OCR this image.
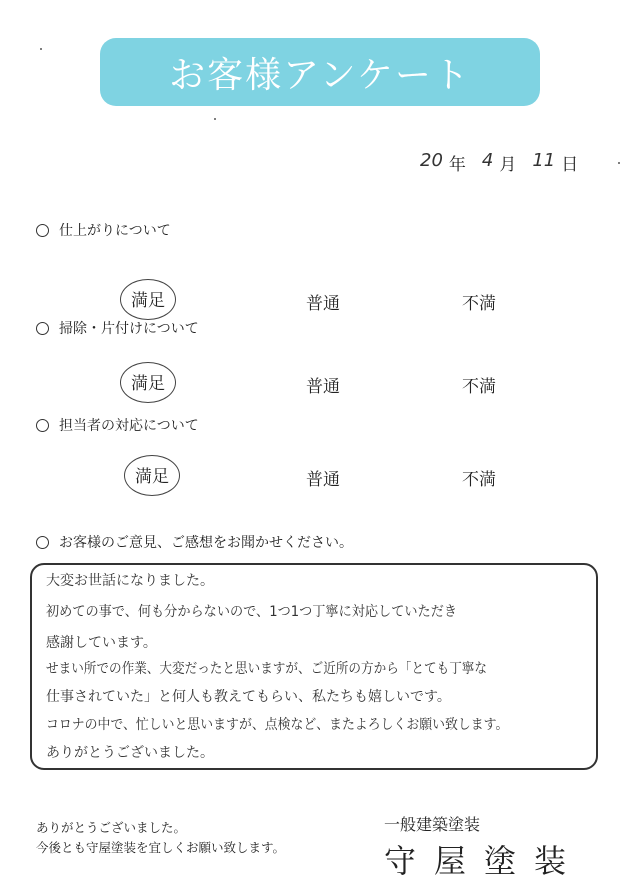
お客様アンケート
20 年 4 月 11 日
仕上がりについて
満足	普通	不満
掃除・片付けについて
満足	普通	不満
担当者の対応について
満足	普通	不満
お客様のご意見、ご感想をお聞かせください。
大変お世話になりました。
初めての事で、何も分からないので、1つ1つ丁寧に対応していただき
感謝しています。
せまい所での作業、大変だったと思いますが、ご近所の方から「とても丁寧な
仕事されていた」と何人も教えてもらい、私たちも嬉しいです。
コロナの中で、忙しいと思いますが、点検など、またよろしくお願い致します。
ありがとうございました。
ありがとうございました。
今後とも守屋塗装を宜しくお願い致します。
一般建築塗装
守屋塗装
